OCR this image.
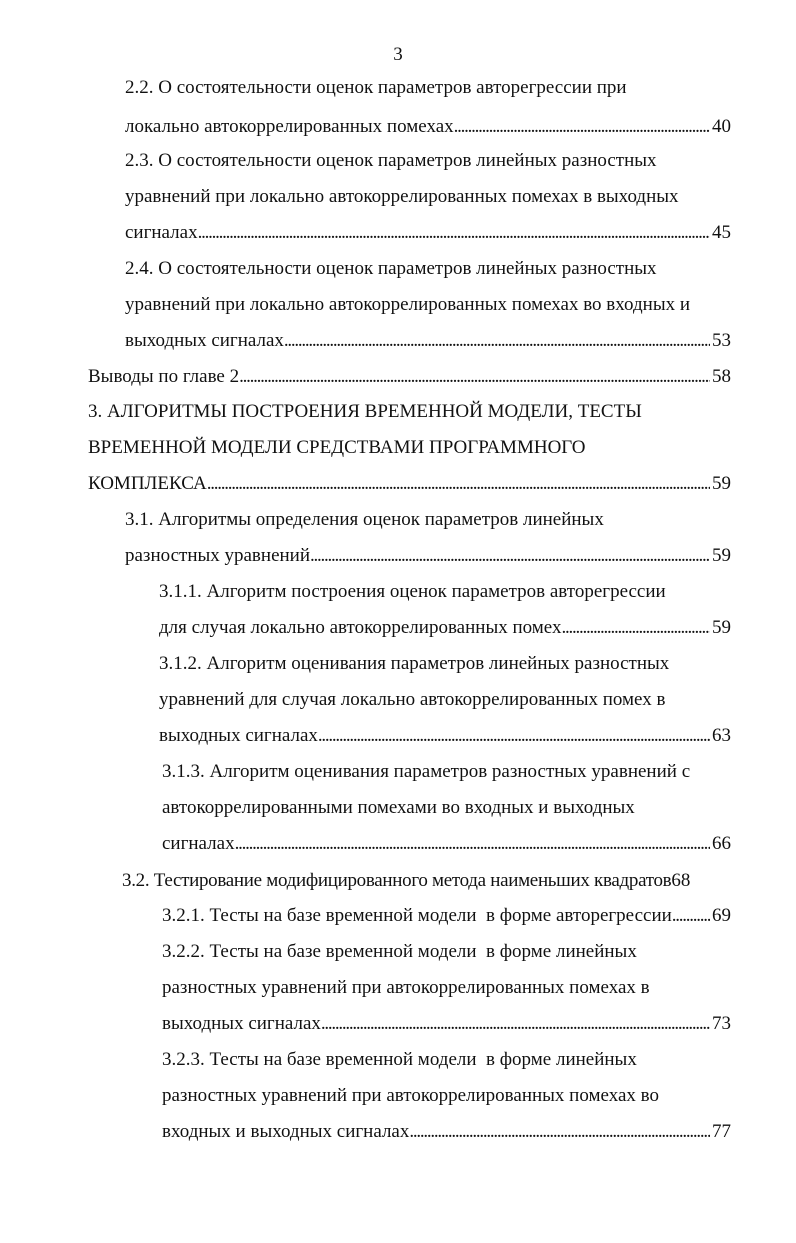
3
2.2. О состоятельности оценок параметров авторегрессии при
локально автокоррелированных помехах . . .	40
2.3. О состоятельности оценок параметров линейных разностных
уравнений при локально автокоррелированных помехах в выходных
сигналах . . .	45
2.4. О состоятельности оценок параметров линейных разностных
уравнений при локально автокоррелированных помехах во входных и
выходных сигналах . . .	53
Выводы по главе 2 . . .	58
3. АЛГОРИТМЫ ПОСТРОЕНИЯ ВРЕМЕННОЙ МОДЕЛИ, ТЕСТЫ
ВРЕМЕННОЙ МОДЕЛИ СРЕДСТВАМИ ПРОГРАММНОГО
КОМПЛЕКСА . . .	59
3.1. Алгоритмы определения оценок параметров линейных
разностных уравнений . . .	59
3.1.1. Алгоритм построения оценок параметров авторегрессии
для случая локально автокоррелированных помех . . .	59
3.1.2. Алгоритм оценивания параметров линейных разностных
уравнений для случая локально автокоррелированных помех в
выходных сигналах . . .	63
3.1.3. Алгоритм оценивания параметров разностных уравнений с
автокоррелированными помехами во входных и выходных
сигналах . . .	66
3.2. Тестирование модифицированного метода наименьших квадратов 68
3.2.1. Тесты на базе временной модели  в форме авторегрессии . . . 69
3.2.2. Тесты на базе временной модели  в форме линейных
разностных уравнений при автокоррелированных помехах в
выходных сигналах . . .	73
3.2.3. Тесты на базе временной модели  в форме линейных
разностных уравнений при автокоррелированных помехах во
входных и выходных сигналах . . .	77
